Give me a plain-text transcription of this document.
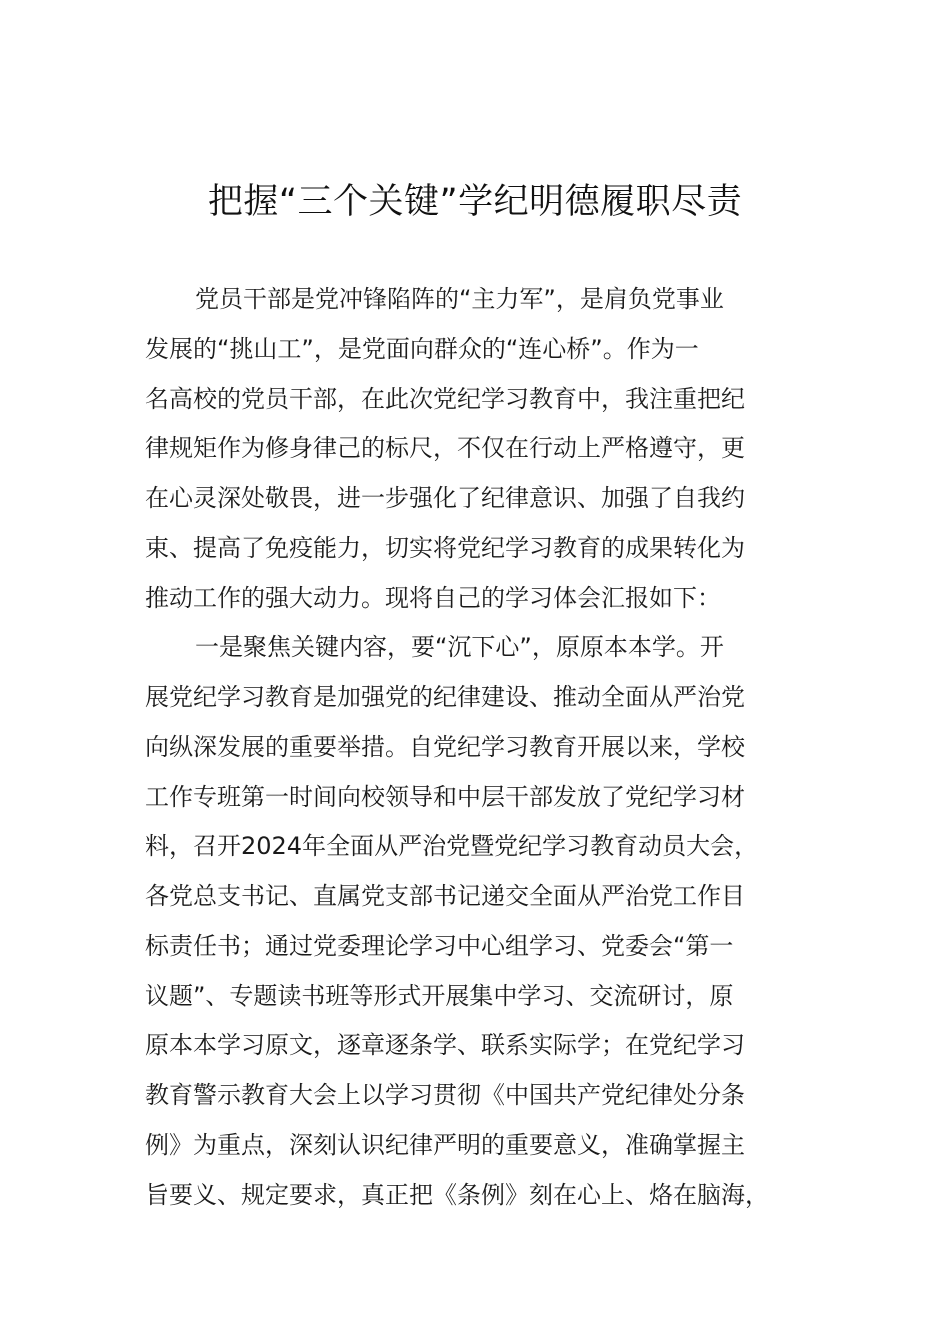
把握“三个关键”学纪明德履职尽责
党员干部是党冲锋陷阵的“主力军”，是肩负党事业
发展的“挑山工”，是党面向群众的“连心桥”。作为一
名高校的党员干部，在此次党纪学习教育中，我注重把纪
律规矩作为修身律己的标尺，不仅在行动上严格遵守，更
在心灵深处敬畏，进一步强化了纪律意识、加强了自我约
束、提高了免疫能力，切实将党纪学习教育的成果转化为
推动工作的强大动力。现将自己的学习体会汇报如下：
一是聚焦关键内容，要“沉下心”，原原本本学。开
展党纪学习教育是加强党的纪律建设、推动全面从严治党
向纵深发展的重要举措。自党纪学习教育开展以来，学校
工作专班第一时间向校领导和中层干部发放了党纪学习材
料，召开2024年全面从严治党暨党纪学习教育动员大会，
各党总支书记、直属党支部书记递交全面从严治党工作目
标责任书；通过党委理论学习中心组学习、党委会“第一
议题”、专题读书班等形式开展集中学习、交流研讨，原
原本本学习原文，逐章逐条学、联系实际学；在党纪学习
教育警示教育大会上以学习贯彻《中国共产党纪律处分条
例》为重点，深刻认识纪律严明的重要意义，准确掌握主
旨要义、规定要求，真正把《条例》刻在心上、烙在脑海，
